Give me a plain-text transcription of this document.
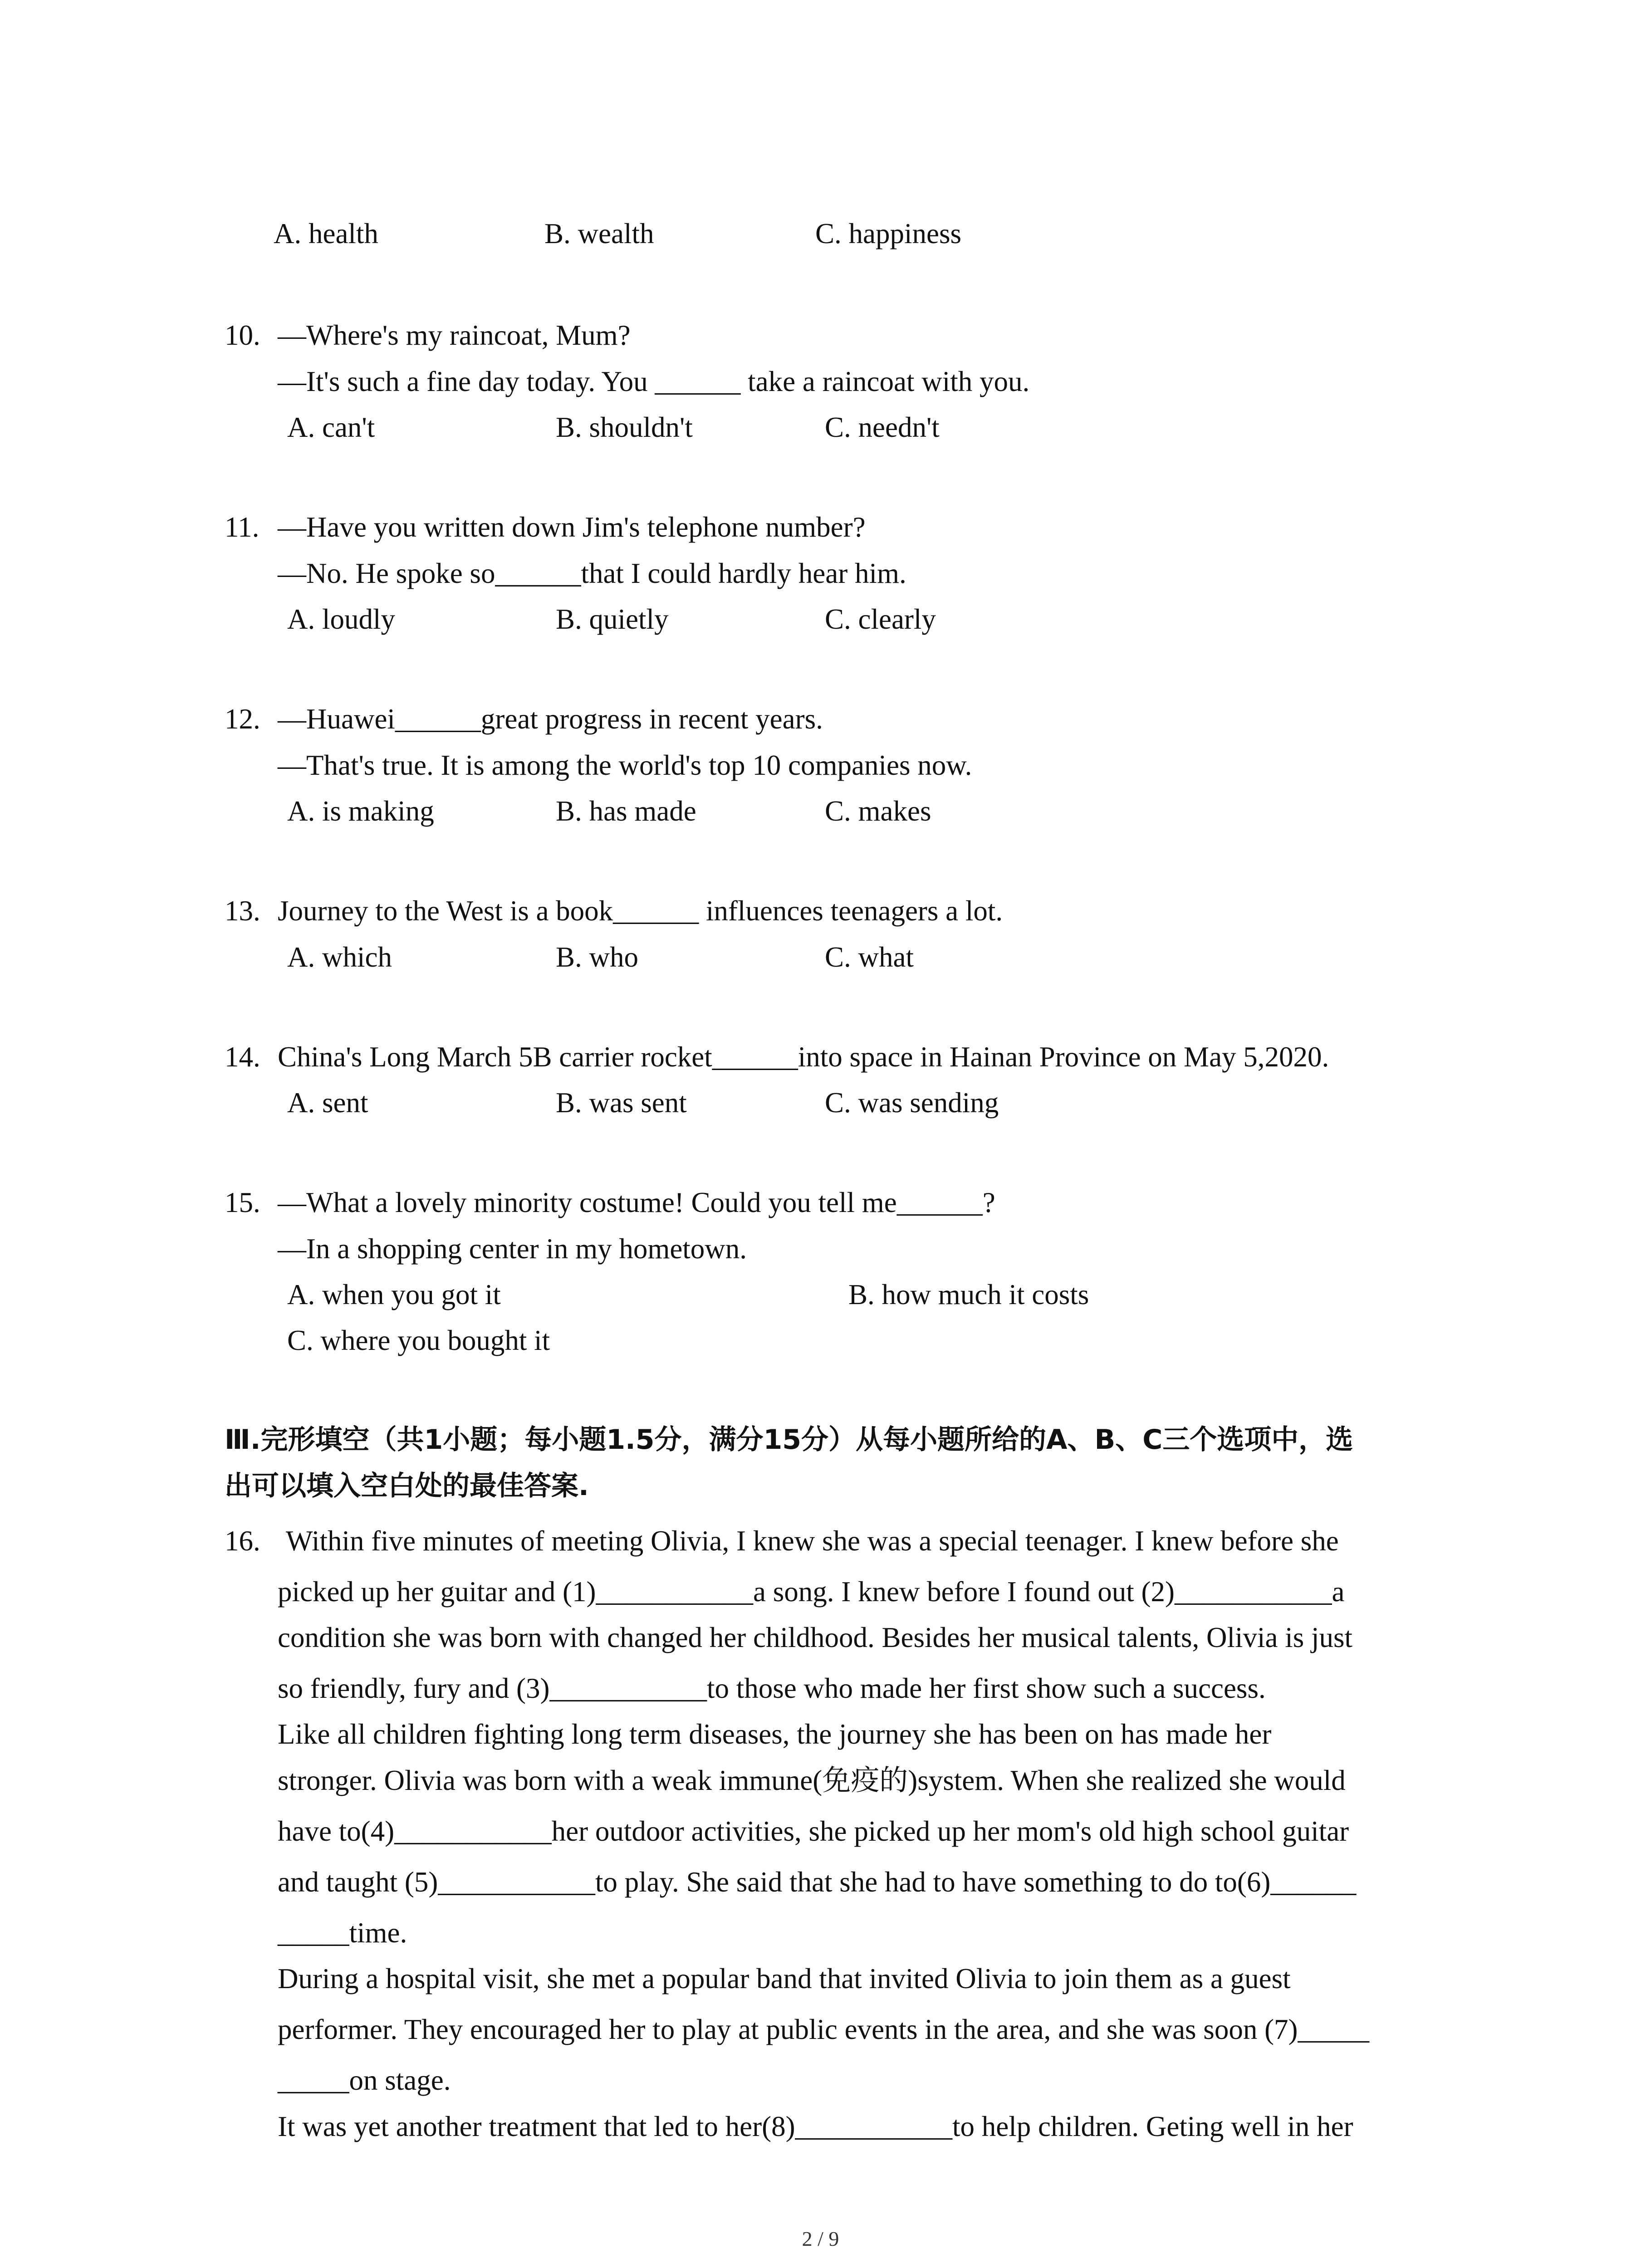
A. health	B. wealth	C. happiness
10. —Where's my raincoat, Mum?
—It's such a fine day today. You ______ take a raincoat with you.
A. can't	B. shouldn't	C. needn't
11. —Have you written down Jim's telephone number?
—No. He spoke so______that I could hardly hear him.
A. loudly	B. quietly	C. clearly
12. —Huawei______great progress in recent years.
—That's true. It is among the world's top 10 companies now.
A. is making	B. has made	C. makes
13. Journey to the West is a book______ influences teenagers a lot.
A. which	B. who	C. what
14. China's Long March 5B carrier rocket______into space in Hainan Province on May 5,2020.
A. sent	B. was sent	C. was sending
15. —What a lovely minority costume! Could you tell me______?
—In a shopping center in my hometown.
A. when you got it	B. how much it costs
C. where you bought it
Ⅲ.完形填空（共1小题；每小题1.5分，满分15分）从每小题所给的A、B、C三个选项中，选
出可以填入空白处的最佳答案.
16. Within five minutes of meeting Olivia, I knew she was a special teenager. I knew before she
picked up her guitar and (1)___________a song. I knew before I found out (2)___________a
condition she was born with changed her childhood. Besides her musical talents, Olivia is just
so friendly, fury and (3)___________to those who made her first show such a success.
Like all children fighting long term diseases, the journey she has been on has made her
stronger. Olivia was born with a weak immune(免疫的)system. When she realized she would
have to(4)___________her outdoor activities, she picked up her mom's old high school guitar
and taught (5)___________to play. She said that she had to have something to do to(6)______
_____time.
During a hospital visit, she met a popular band that invited Olivia to join them as a guest
performer. They encouraged her to play at public events in the area, and she was soon (7)_____
_____on stage.
It was yet another treatment that led to her(8)___________to help children. Geting well in her
2 / 9
